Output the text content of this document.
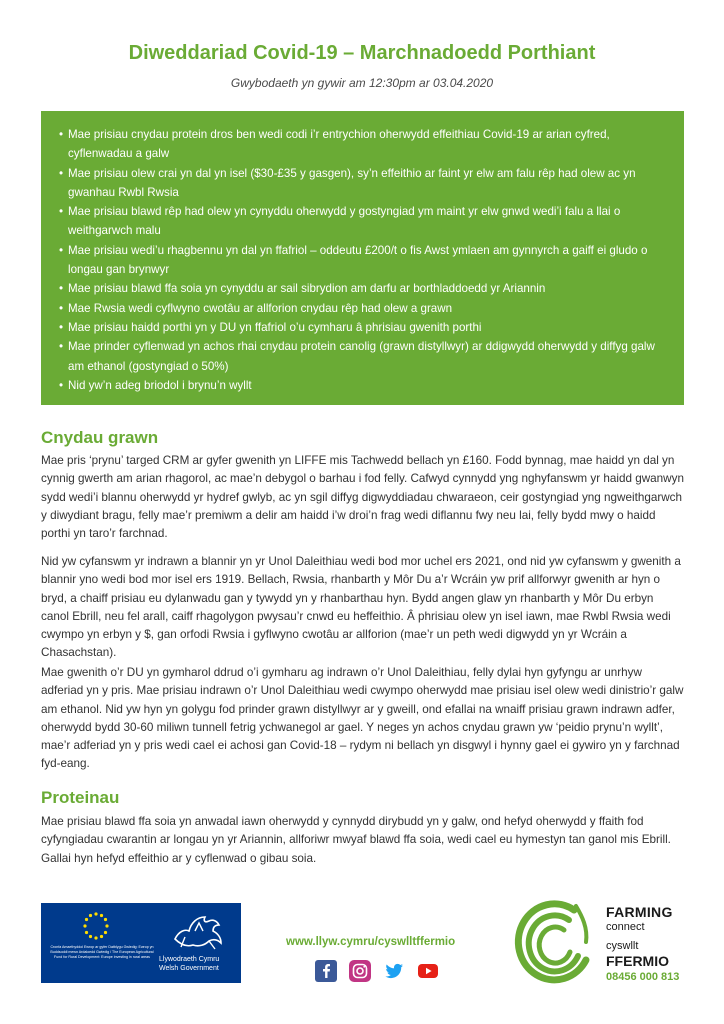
Diweddariad Covid-19 – Marchnadoedd Porthiant
Gwybodaeth yn gywir am 12:30pm ar 03.04.2020
• Mae prisiau cnydau protein dros ben wedi codi i’r entrychion oherwydd effeithiau Covid-19 ar arian cyfred, cyflenwadau a galw
• Mae prisiau olew crai yn dal yn isel ($30-£35 y gasgen), sy’n effeithio ar faint yr elw am falu rêp had olew ac yn gwanhau Rwbl Rwsia
• Mae prisiau blawd rêp had olew yn cynyddu oherwydd y gostyngiad ym maint yr elw gnwd wedi’i falu a llai o weithgarwch malu
• Mae prisiau wedi’u rhagbennu yn dal yn ffafriol – oddeutu £200/t o fis Awst ymlaen am gynnyrch a gaiff ei gludo o longau gan brynwyr
• Mae prisiau blawd ffa soia yn cynyddu ar sail sibrydion am darfu ar borthladdoedd yr Ariannin
• Mae Rwsia wedi cyflwyno cwotâu ar allforion cnydau rêp had olew a grawn
• Mae prisiau haidd porthi yn y DU yn ffafriol o’u cymharu â phrisiau gwenith porthi
• Mae prinder cyflenwad yn achos rhai cnydau protein canolig (grawn distyllwyr) ar ddigwydd oherwydd y diffyg galw am ethanol (gostyngiad o 50%)
• Nid yw’n adeg briodol i brynu’n wyllt
Cnydau grawn

Mae pris ‘prynu’ targed CRM ar gyfer gwenith yn LIFFE mis Tachwedd bellach yn £160. Fodd bynnag, mae haidd yn dal yn cynnig gwerth am arian rhagorol, ac mae’n debygol o barhau i fod felly. Cafwyd cynnydd yng nghyfanswm yr haidd gwanwyn sydd wedi’i blannu oherwydd yr hydref gwlyb, ac yn sgil diffyg digwyddiadau chwaraeon, ceir gostyngiad yng ngweithgarwch y diwydiant bragu, felly mae’r premiwm a delir am haidd i’w droi’n frag wedi diflannu fwy neu lai, felly bydd mwy o haidd porthi yn taro’r farchnad.

Nid yw cyfanswm yr indrawn a blannir yn yr Unol Daleithiau wedi bod mor uchel ers 2021, ond nid yw cyfanswm y gwenith a blannir yno wedi bod mor isel ers 1919. Bellach, Rwsia, rhanbarth y Môr Du a’r Wcráin yw prif allforwyr gwenith ar hyn o bryd, a chaiff prisiau eu dylanwadu gan y tywydd yn y rhanbarthau hyn. Bydd angen glaw yn rhanbarth y Môr Du erbyn canol Ebrill, neu fel arall, caiff rhagolygon pwysau’r cnwd eu heffeithio. Â phrisiau olew yn isel iawn, mae Rwbl Rwsia wedi cwympo yn erbyn y $, gan orfodi Rwsia i gyflwyno cwotâu ar allforion (mae’r un peth wedi digwydd yn yr Wcráin a Chasachstan).

Mae gwenith o’r DU yn gymharol ddrud o’i gymharu ag indrawn o’r Unol Daleithiau, felly dylai hyn gyfyngu ar unrhyw adferiad yn y pris. Mae prisiau indrawn o’r Unol Daleithiau wedi cwympo oherwydd mae prisiau isel olew wedi dinistrio’r galw am ethanol. Nid yw hyn yn golygu fod prinder grawn distyllwyr ar y gweill, ond efallai na wnaiff prisiau grawn indrawn adfer, oherwydd bydd 30-60 miliwn tunnell fetrig ychwanegol ar gael. Y neges yn achos cnydau grawn yw ‘peidio prynu’n wyllt’, mae’r adferiad yn y pris wedi cael ei achosi gan Covid-18 – rydym ni bellach yn disgwyl i hynny gael ei gywiro yn y farchnad fyd-eang.

Proteinau

Mae prisiau blawd ffa soia yn anwadal iawn oherwydd y cynnydd dirybudd yn y galw, ond hefyd oherwydd y ffaith fod cyfyngiadau cwarantin ar longau yn yr Ariannin, allforiwr mwyaf blawd ffa soia, wedi cael eu hymestyn tan ganol mis Ebrill. Gallai hyn hefyd effeithio ar y cyflenwad o gibau soia.

Cronfa Amaethyddol Ewrop ar gyfer Datblygu Gwledig: Ewrop yn Buddsoddi mewn Ardaloedd Gwledig / The European Agricultural Fund for Rural Development: Europe investing in rural areas	Llywodraeth Cymru
Welsh Government
www.llyw.cymru/cyswlltffermio
FARMING
connect
cyswllt
FFERMIO
08456 000 813
